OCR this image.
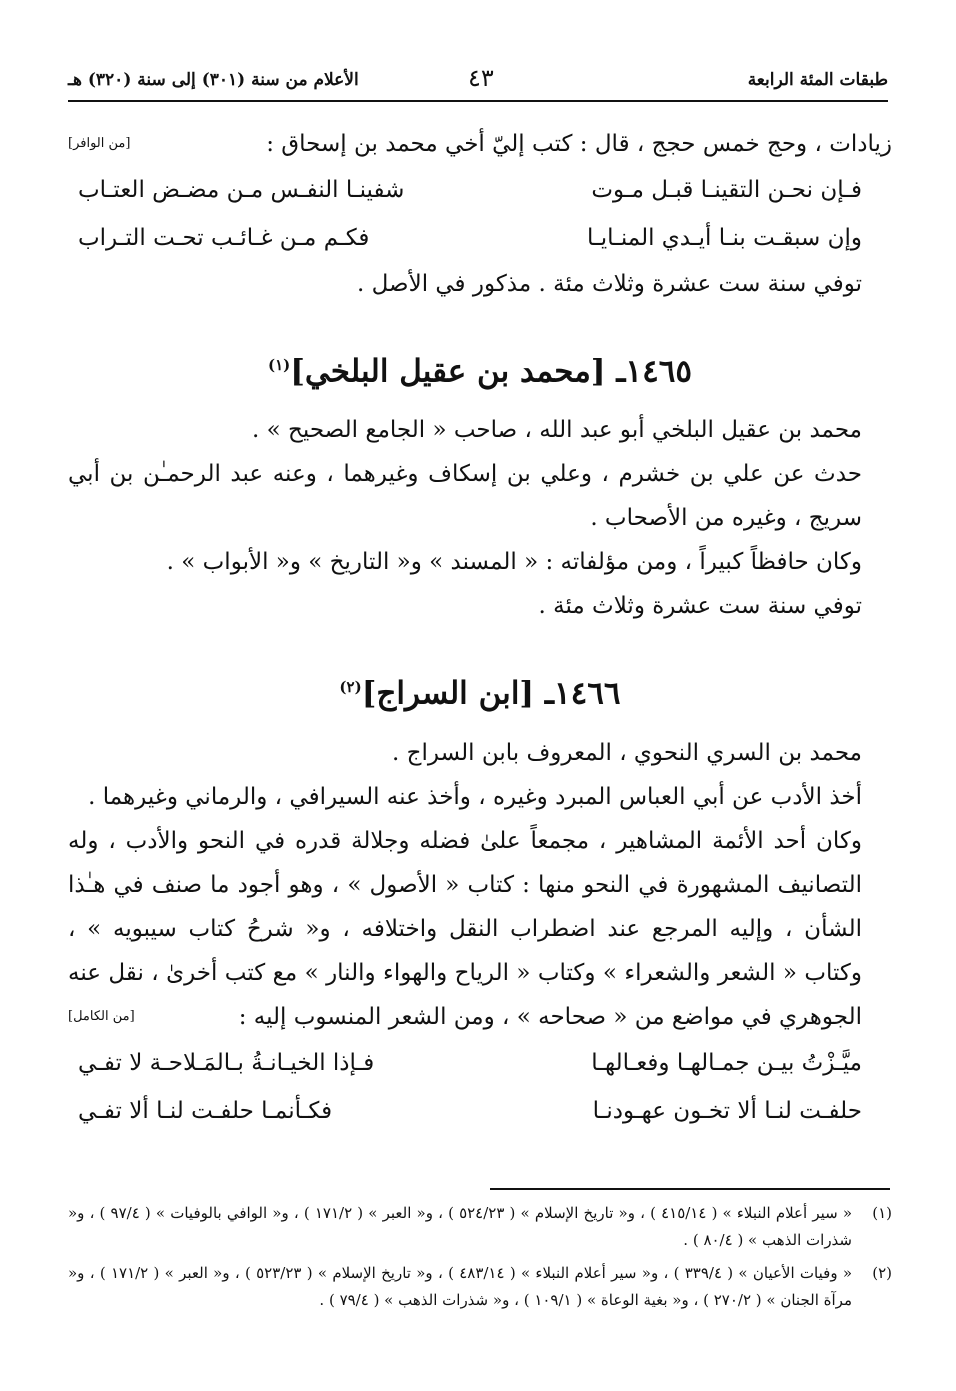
طبقات المئة الرابعة
٤٣
الأعلام من سنة (٣٠١) إلى سنة (٣٢٠) هـ

زيادات ، وحج خمس حجج ، قال : كتب إليّ أخي محمد بن إسحاق :
[من الوافر]

فـإن نحـن التقينـا قبـل مـوت
شفينـا النفـس مـن مضـض العتـاب
وإن سبقـت بنـا أيـدي المنـايـا
فكـم مـن غـائـب تحـت التـراب

توفي سنة ست عشرة وثلاث مئة . مذكور في الأصل .

١٤٦٥ـ [محمد بن عقيل البلخي]$^{(١)}$

محمد بن عقيل البلخي أبو عبد الله ، صاحب « الجامع الصحيح » .

حدث عن علي بن خشرم ، وعلي بن إسكاف وغيرهما ، وعنه عبد الرحمـٰن بن أبي سريج ، وغيره من الأصحاب .

وكان حافظاً كبيراً ، ومن مؤلفاته : « المسند » و« التاريخ » و« الأبواب » .

توفي سنة ست عشرة وثلاث مئة .

١٤٦٦ـ [ابن السراج]$^{(٢)}$

محمد بن السري النحوي ، المعروف بابن السراج .

أخذ الأدب عن أبي العباس المبرد وغيره ، وأخذ عنه السيرافي ، والرماني وغيرهما .

وكان أحد الأئمة المشاهير ، مجمعاً علىٰ فضله وجلالة قدره في النحو والأدب ، وله التصانيف المشهورة في النحو منها : كتاب « الأصول » ، وهو أجود ما صنف في هـٰذا الشأن ، وإليه المرجع عند اضطراب النقل واختلافه ، و« شرحُ كتاب سيبويه » ، وكتاب « الشعر والشعراء » وكتاب « الرياح والهواء والنار » مع كتب أخرىٰ ، نقل عنه الجوهري في مواضع من « صحاحه » ، ومن الشعر المنسوب إليه :
[من الكامل]

ميَّـزْتُ بيـن جمـالهـا وفعـالهـا
فـإذا الخيـانـةُ بـالمَـلاحـة لا تفـي
حلفـت لنـا ألا تخـون عهـودنـا
فكـأنمـا حلفـت لنـا ألا تفـي

(١)
« سير أعلام النبلاء » ( ٤١٥/١٤ ) ، و« تاريخ الإسلام » ( ٥٢٤/٢٣ ) ، و« العبر » ( ١٧١/٢ ) ، و« الوافي بالوفيات » ( ٩٧/٤ ) ، و« شذرات الذهب » ( ٨٠/٤ ) .

(٢)
« وفيات الأعيان » ( ٣٣٩/٤ ) ، و« سير أعلام النبلاء » ( ٤٨٣/١٤ ) ، و« تاريخ الإسلام » ( ٥٢٣/٢٣ ) ، و« العبر » ( ١٧١/٢ ) ، و« مرآة الجنان » ( ٢٧٠/٢ ) ، و« بغية الوعاة » ( ١٠٩/١ ) ، و« شذرات الذهب » ( ٧٩/٤ ) .
